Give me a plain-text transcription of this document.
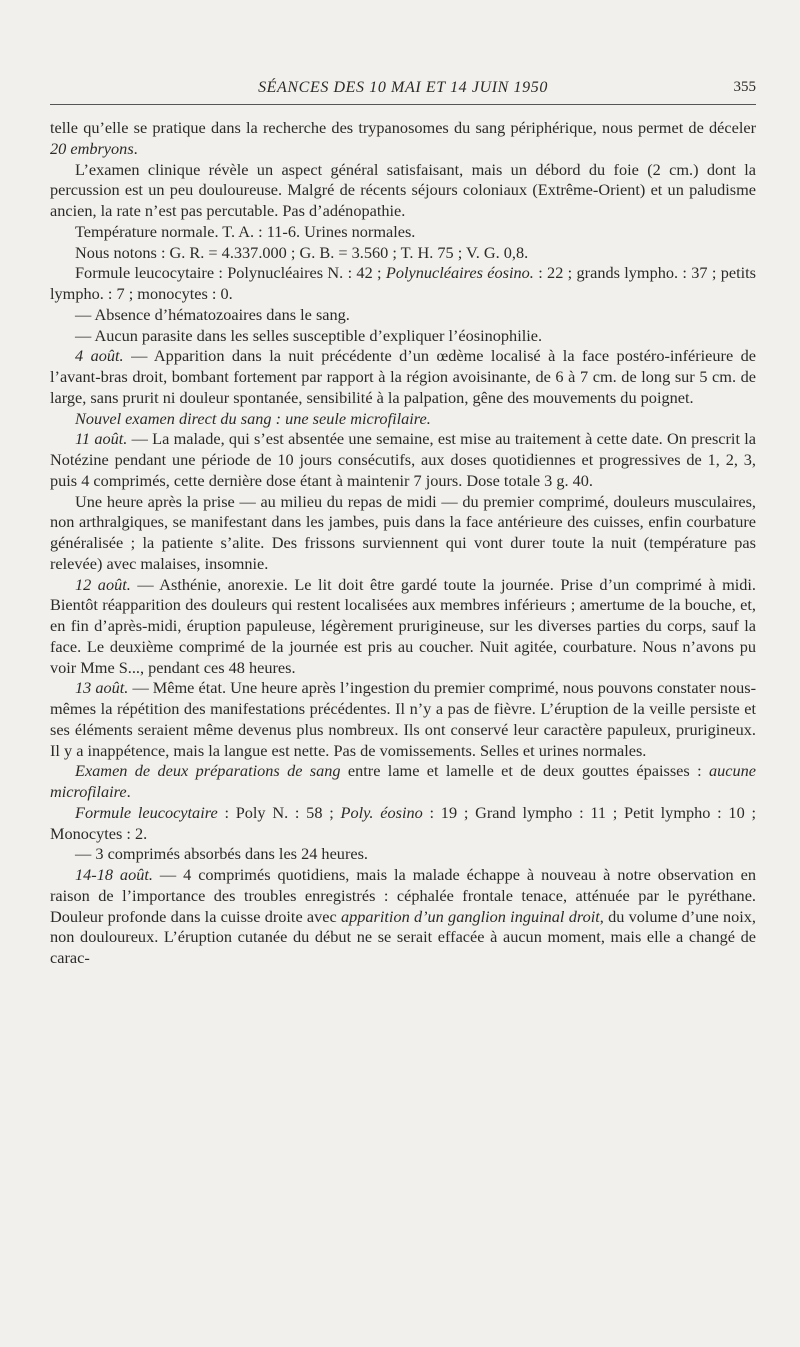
SÉANCES DES 10 MAI ET 14 JUIN 1950	355

telle qu’elle se pratique dans la recherche des trypanosomes du sang périphérique, nous permet de déceler 20 embryons.

L’examen clinique révèle un aspect général satisfaisant, mais un débord du foie (2 cm.) dont la percussion est un peu douloureuse. Malgré de récents séjours coloniaux (Extrême-Orient) et un paludisme ancien, la rate n’est pas percutable. Pas d’adénopathie.

Température normale. T. A. : 11-6. Urines normales.

Nous notons : G. R. = 4.337.000 ; G. B. = 3.560 ; T. H. 75 ; V. G. 0,8.

Formule leucocytaire : Polynucléaires N. : 42 ; Polynucléaires éosino. : 22 ; grands lympho. : 37 ; petits lympho. : 7 ; monocytes : 0.

— Absence d’hématozoaires dans le sang.

— Aucun parasite dans les selles susceptible d’expliquer l’éosinophilie.

4 août. — Apparition dans la nuit précédente d’un œdème localisé à la face postéro-inférieure de l’avant-bras droit, bombant fortement par rapport à la région avoisinante, de 6 à 7 cm. de long sur 5 cm. de large, sans prurit ni douleur spontanée, sensibilité à la palpation, gêne des mouvements du poignet.

Nouvel examen direct du sang : une seule microfilaire.

11 août. — La malade, qui s’est absentée une semaine, est mise au traitement à cette date. On prescrit la Notézine pendant une période de 10 jours consécutifs, aux doses quotidiennes et progressives de 1, 2, 3, puis 4 comprimés, cette dernière dose étant à maintenir 7 jours. Dose totale 3 g. 40.

Une heure après la prise — au milieu du repas de midi — du premier comprimé, douleurs musculaires, non arthralgiques, se manifestant dans les jambes, puis dans la face antérieure des cuisses, enfin courbature généralisée ; la patiente s’alite. Des frissons surviennent qui vont durer toute la nuit (température pas relevée) avec malaises, insomnie.

12 août. — Asthénie, anorexie. Le lit doit être gardé toute la journée. Prise d’un comprimé à midi. Bientôt réapparition des douleurs qui restent localisées aux membres inférieurs ; amertume de la bouche, et, en fin d’après-midi, éruption papuleuse, légèrement prurigineuse, sur les diverses parties du corps, sauf la face. Le deuxième comprimé de la journée est pris au coucher. Nuit agitée, courbature. Nous n’avons pu voir Mme S..., pendant ces 48 heures.

13 août. — Même état. Une heure après l’ingestion du premier comprimé, nous pouvons constater nous-mêmes la répétition des manifestations précédentes. Il n’y a pas de fièvre. L’éruption de la veille persiste et ses éléments seraient même devenus plus nombreux. Ils ont conservé leur caractère papuleux, prurigineux. Il y a inappétence, mais la langue est nette. Pas de vomissements. Selles et urines normales.

Examen de deux préparations de sang entre lame et lamelle et de deux gouttes épaisses : aucune microfilaire.

Formule leucocytaire : Poly N. : 58 ; Poly. éosino : 19 ; Grand lympho : 11 ; Petit lympho : 10 ; Monocytes : 2.

— 3 comprimés absorbés dans les 24 heures.

14-18 août. — 4 comprimés quotidiens, mais la malade échappe à nouveau à notre observation en raison de l’importance des troubles enregistrés : céphalée frontale tenace, atténuée par le pyréthane. Douleur profonde dans la cuisse droite avec apparition d’un ganglion inguinal droit, du volume d’une noix, non douloureux. L’éruption cutanée du début ne se serait effacée à aucun moment, mais elle a changé de carac-
